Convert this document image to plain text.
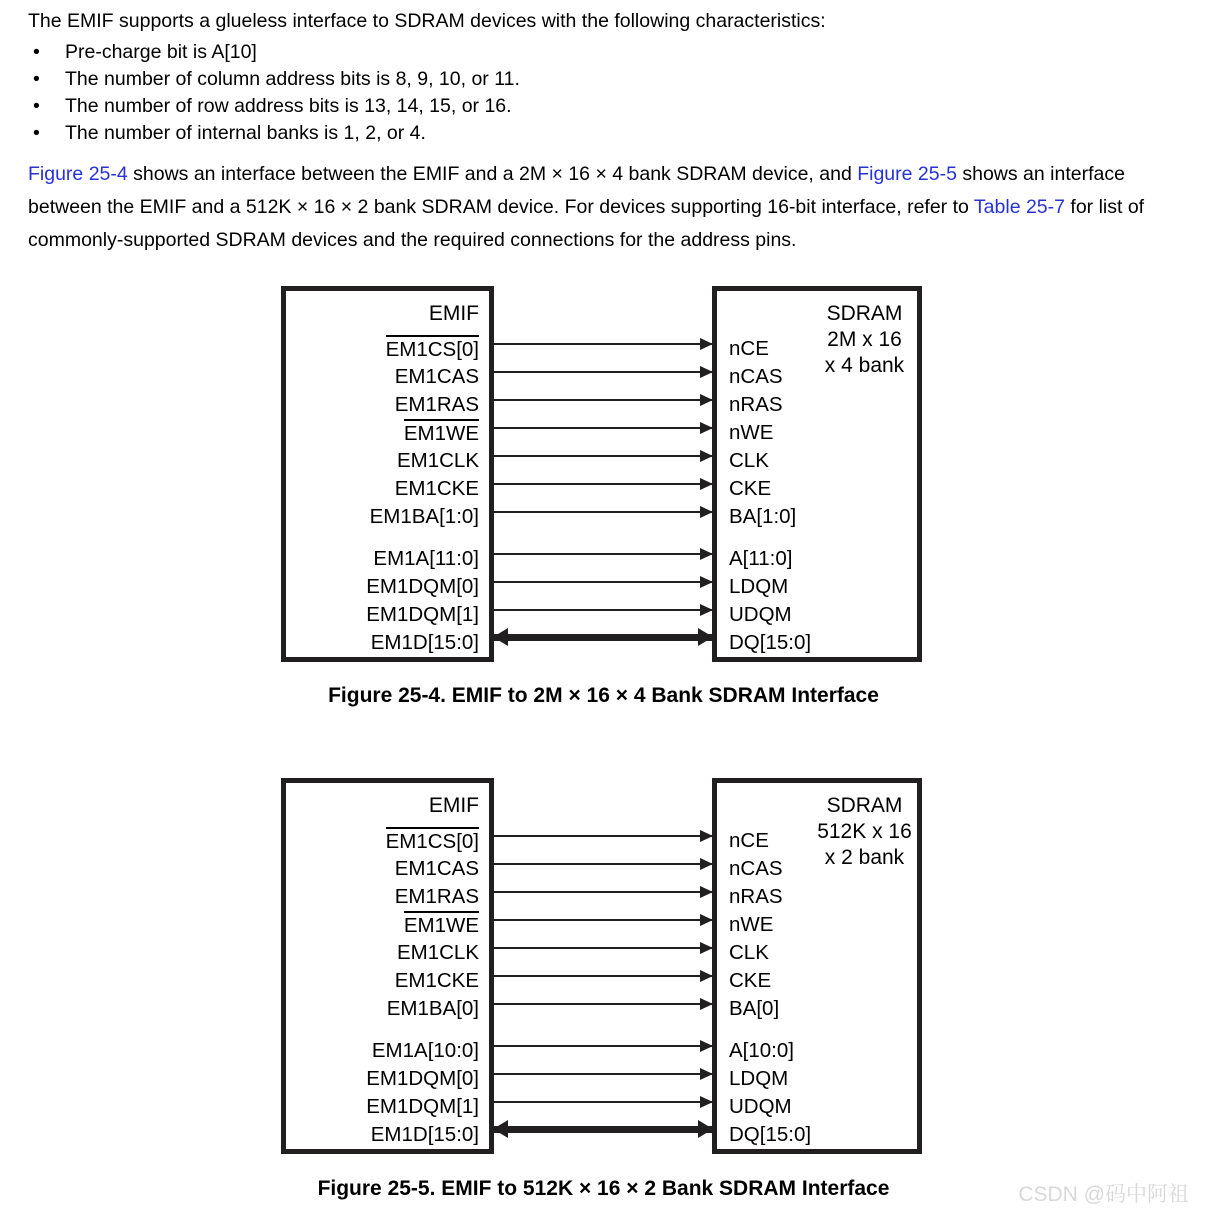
The EMIF supports a glueless interface to SDRAM devices with the following characteristics:

• Pre-charge bit is A[10]
• The number of column address bits is 8, 9, 10, or 11.
• The number of row address bits is 13, 14, 15, or 16.
• The number of internal banks is 1, 2, or 4.

Figure 25-4 shows an interface between the EMIF and a 2M × 16 × 4 bank SDRAM device, and Figure 25-5 shows an interface between the EMIF and a 512K × 16 × 2 bank SDRAM device. For devices supporting 16-bit interface, refer to Table 25-7 for list of commonly-supported SDRAM devices and the required connections for the address pins.

EMIF
EM1CS[0]
EM1CAS
EM1RAS
EM1WE
EM1CLK
EM1CKE
EM1BA[1:0]
EM1A[11:0]
EM1DQM[0]
EM1DQM[1]
EM1D[15:0]
SDRAM
2M x 16
x 4 bank
nCE
nCAS
nRAS
nWE
CLK
CKE
BA[1:0]
A[11:0]
LDQM
UDQM
DQ[15:0]
Figure 25-4. EMIF to 2M × 16 × 4 Bank SDRAM Interface
EMIF
EM1CS[0]
EM1CAS
EM1RAS
EM1WE
EM1CLK
EM1CKE
EM1BA[0]
EM1A[10:0]
EM1DQM[0]
EM1DQM[1]
EM1D[15:0]
SDRAM
512K x 16
x 2 bank
nCE
nCAS
nRAS
nWE
CLK
CKE
BA[0]
A[10:0]
LDQM
UDQM
DQ[15:0]
Figure 25-5. EMIF to 512K × 16 × 2 Bank SDRAM Interface	CSDN @码中阿祖
